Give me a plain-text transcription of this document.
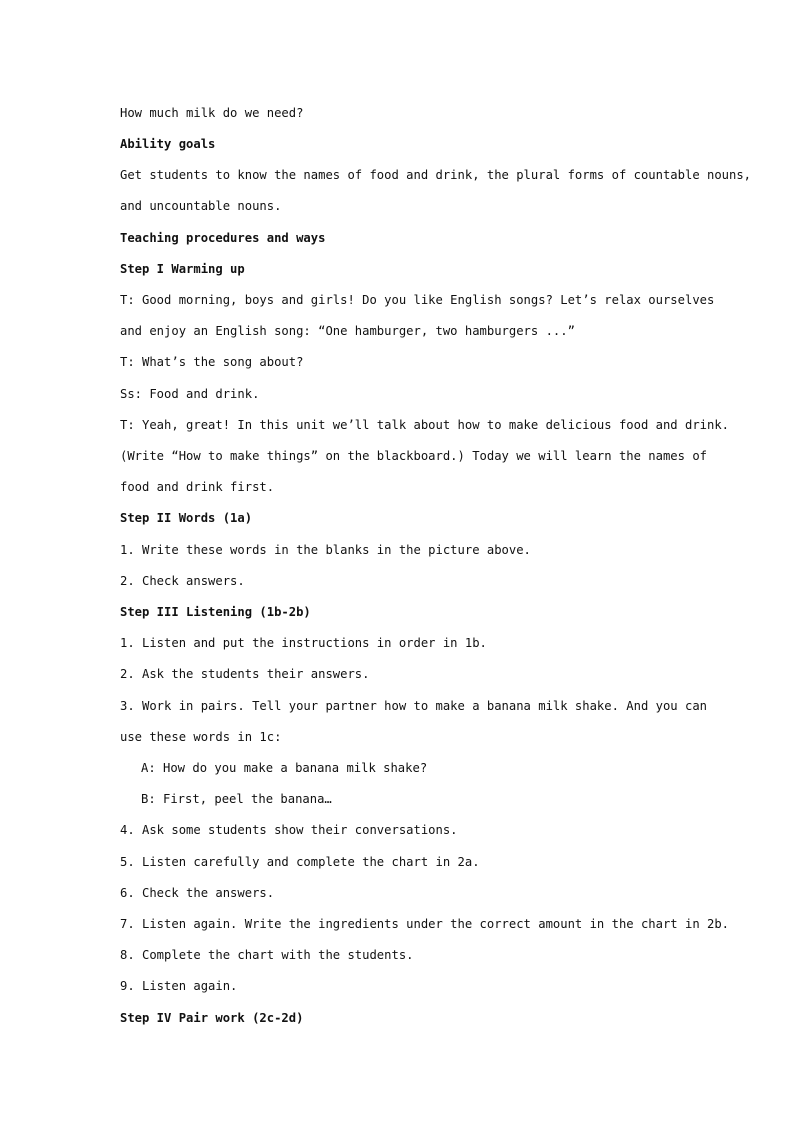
How much milk do we need?
Ability goals
Get students to know the names of food and drink, the plural forms of countable nouns,
and uncountable nouns.
Teaching procedures and ways
Step I Warming up
T: Good morning, boys and girls! Do you like English songs? Let’s relax ourselves
and enjoy an English song: “One hamburger, two hamburgers ...”
T: What’s the song about?
Ss: Food and drink.
T: Yeah, great! In this unit we’ll talk about how to make delicious food and drink.
(Write “How to make things” on the blackboard.) Today we will learn the names of
food and drink first.
Step II Words (1a)
1. Write these words in the blanks in the picture above.
2. Check answers.
Step III Listening (1b-2b)
1. Listen and put the instructions in order in 1b.
2. Ask the students their answers.
3. Work in pairs. Tell your partner how to make a banana milk shake. And you can
use these words in 1c:
A: How do you make a banana milk shake?
B: First, peel the banana…
4. Ask some students show their conversations.
5. Listen carefully and complete the chart in 2a.
6. Check the answers.
7. Listen again. Write the ingredients under the correct amount in the chart in 2b.
8. Complete the chart with the students.
9. Listen again.
Step IV Pair work (2c-2d)
